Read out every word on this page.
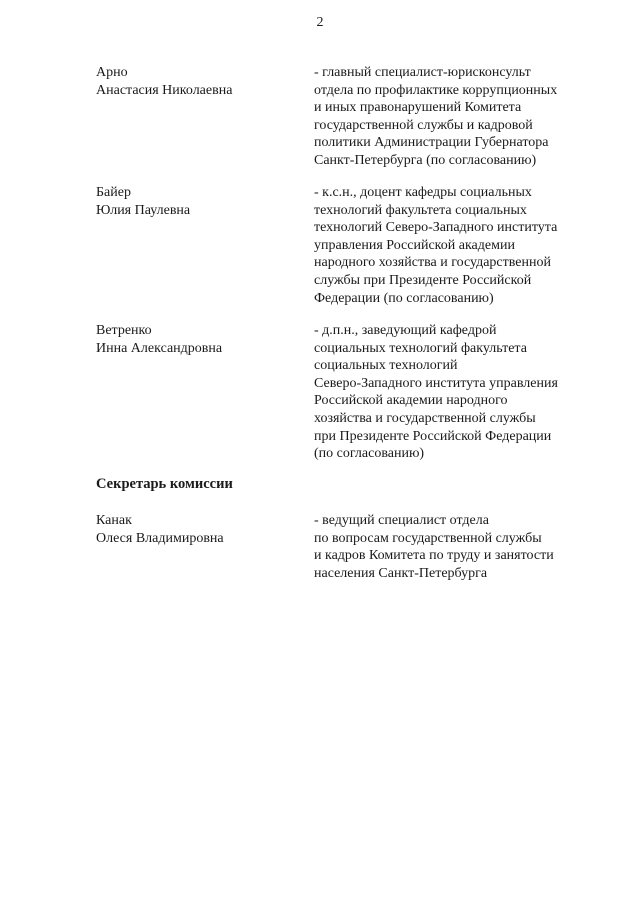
2
Арно
Анастасия Николаевна
- главный специалист-юрисконсульт
отдела по профилактике коррупционных
и иных правонарушений Комитета
государственной службы и кадровой
политики Администрации Губернатора
Санкт-Петербурга (по согласованию)
Байер
Юлия Паулевна
- к.с.н., доцент кафедры социальных
технологий факультета социальных
технологий Северо-Западного института
управления Российской академии
народного хозяйства и государственной
службы при Президенте Российской
Федерации (по согласованию)
Ветренко
Инна Александровна
- д.п.н., заведующий кафедрой
социальных технологий факультета
социальных технологий
Северо-Западного института управления
Российской академии народного
хозяйства и государственной службы
при Президенте Российской Федерации
(по согласованию)
Секретарь комиссии
Канак
Олеся Владимировна
- ведущий специалист отдела
по вопросам государственной службы
и кадров Комитета по труду и занятости
населения Санкт-Петербурга
